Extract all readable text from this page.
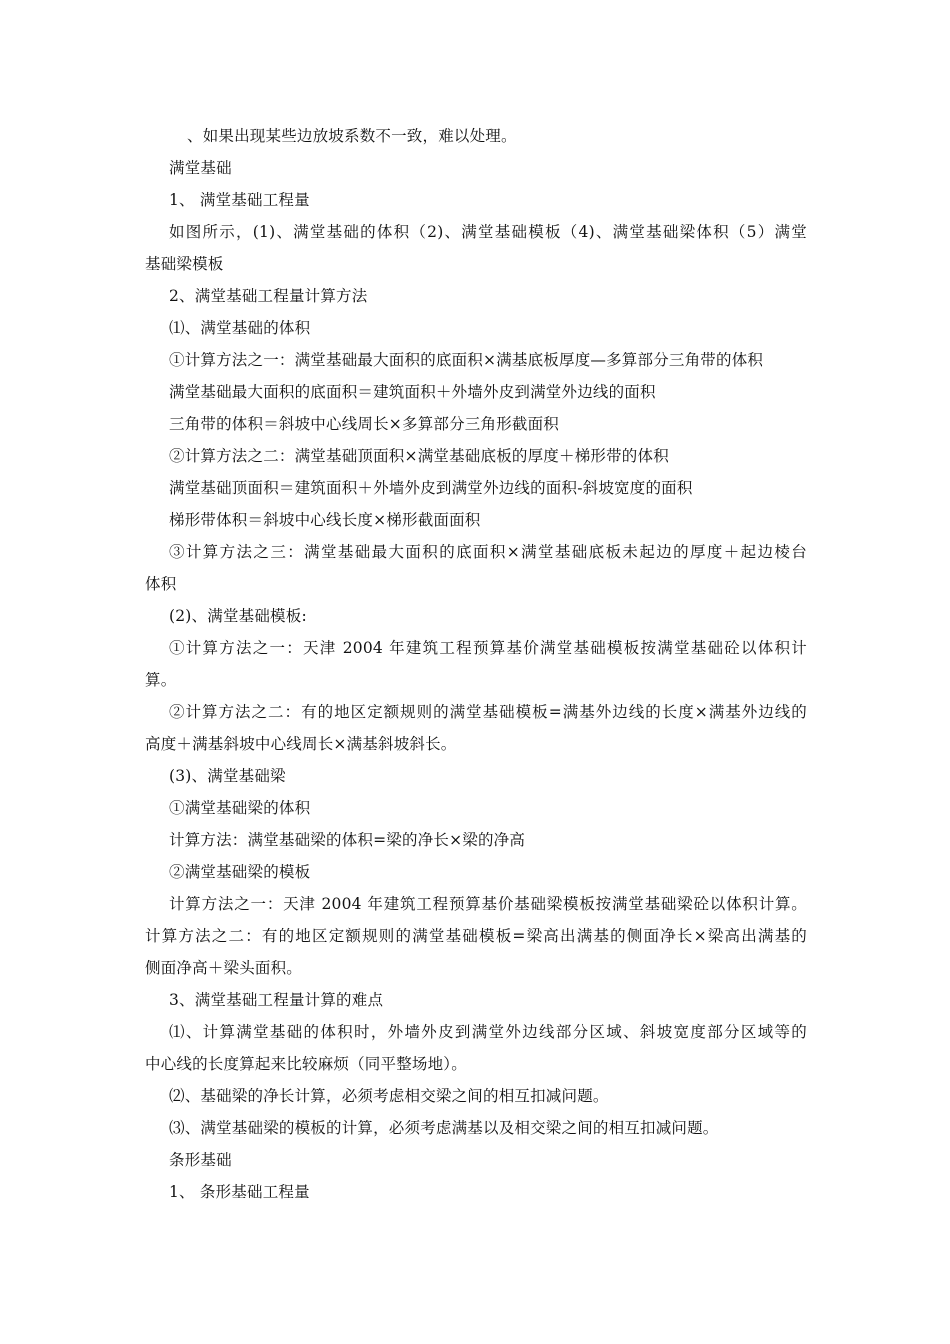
、如果出现某些边放坡系数不一致，难以处理。
满堂基础
1、 满堂基础工程量
如图所示，(1)、满堂基础的体积（2)、满堂基础模板（4)、满堂基础梁体积（5）满堂
基础梁模板
2、满堂基础工程量计算方法
⑴、满堂基础的体积
①计算方法之一：满堂基础最大面积的底面积×满基底板厚度—多算部分三角带的体积
满堂基础最大面积的底面积＝建筑面积＋外墙外皮到满堂外边线的面积
三角带的体积＝斜坡中心线周长×多算部分三角形截面积
②计算方法之二：满堂基础顶面积×满堂基础底板的厚度＋梯形带的体积
满堂基础顶面积＝建筑面积＋外墙外皮到满堂外边线的面积-斜坡宽度的面积
梯形带体积＝斜坡中心线长度×梯形截面面积
③计算方法之三：满堂基础最大面积的底面积×满堂基础底板未起边的厚度＋起边棱台
体积
(2)、满堂基础模板:
①计算方法之一：天津 2004 年建筑工程预算基价满堂基础模板按满堂基础砼以体积计
算。
②计算方法之二：有的地区定额规则的满堂基础模板=满基外边线的长度×满基外边线的
高度＋满基斜坡中心线周长×满基斜坡斜长。
(3)、满堂基础梁
①满堂基础梁的体积
计算方法：满堂基础梁的体积=梁的净长×梁的净高
②满堂基础梁的模板
计算方法之一：天津 2004 年建筑工程预算基价基础梁模板按满堂基础梁砼以体积计算。
计算方法之二：有的地区定额规则的满堂基础模板=梁高出满基的侧面净长×梁高出满基的
侧面净高＋梁头面积。
3、满堂基础工程量计算的难点
⑴、计算满堂基础的体积时，外墙外皮到满堂外边线部分区域、斜坡宽度部分区域等的
中心线的长度算起来比较麻烦（同平整场地）。
⑵、基础梁的净长计算，必须考虑相交梁之间的相互扣减问题。
⑶、满堂基础梁的模板的计算，必须考虑满基以及相交梁之间的相互扣减问题。
条形基础
1、 条形基础工程量
